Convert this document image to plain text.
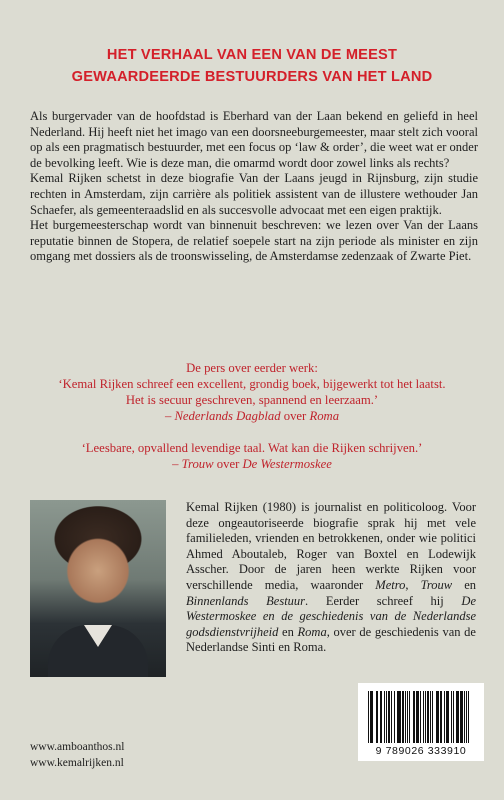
HET VERHAAL VAN EEN VAN DE MEEST
GEWAARDEERDE BESTUURDERS VAN HET LAND

Als burgervader van de hoofdstad is Eberhard van der Laan bekend en geliefd in heel Nederland. Hij heeft niet het imago van een doorsneeburgemeester, maar stelt zich vooral op als een pragmatisch bestuurder, met een focus op ‘law & order’, die weet wat er onder de bevolking leeft. Wie is deze man, die omarmd wordt door zowel links als rechts?

Kemal Rijken schetst in deze biografie Van der Laans jeugd in Rijnsburg, zijn studie rechten in Amsterdam, zijn carrière als politiek assistent van de illustere wethouder Jan Schaefer, als gemeenteraadslid en als succesvolle advocaat met een eigen praktijk.

Het burgemeesterschap wordt van binnenuit beschreven: we lezen over Van der Laans reputatie binnen de Stopera, de relatief soepele start na zijn periode als minister en zijn omgang met dossiers als de troonswisseling, de Amsterdamse zedenzaak of Zwarte Piet.

De pers over eerder werk:

‘Kemal Rijken schreef een excellent, grondig boek, bijgewerkt tot het laatst.

Het is secuur geschreven, spannend en leerzaam.’

– Nederlands Dagblad over Roma

‘Leesbare, opvallend levendige taal. Wat kan die Rijken schrijven.’

– Trouw over De Westermoskee

Kemal Rijken (1980) is journalist en politicoloog. Voor deze ongeautoriseerde biografie sprak hij met vele familieleden, vrienden en betrokkenen, onder wie politici Ahmed Aboutaleb, Roger van Boxtel en Lodewijk Asscher. Door de jaren heen werkte Rijken voor verschillende media, waaronder Metro, Trouw en Binnenlands Bestuur. Eerder schreef hij De Westermoskee en de geschiedenis van de Nederlandse godsdienstvrijheid en Roma, over de geschiedenis van de Nederlandse Sinti en Roma.

9 789026 333910
www.amboanthos.nl
www.kemalrijken.nl
